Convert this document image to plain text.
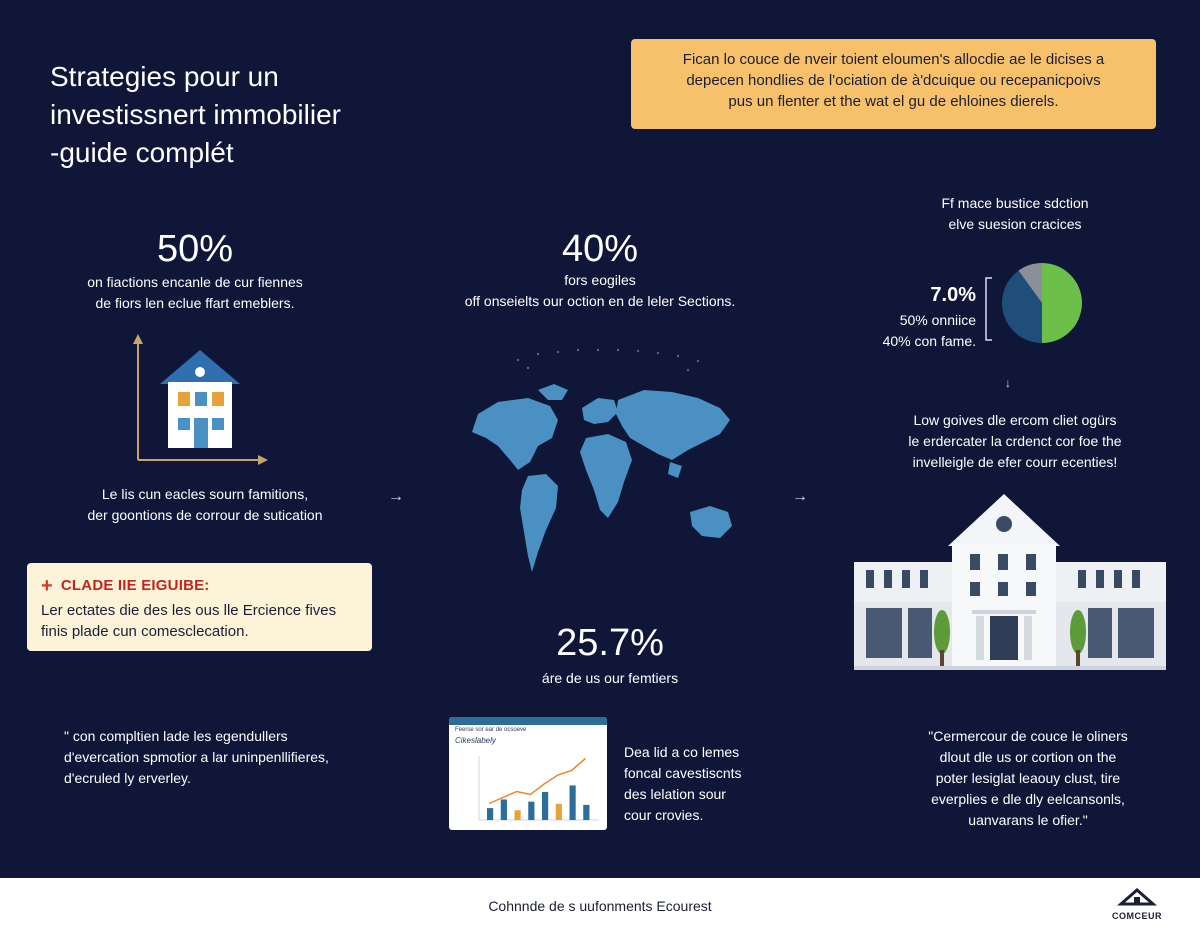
Strategies pour un
investissnert immobilier
-guide complét
Fican lo couce de nveir toient eloumen's allocdie ae le dicises a
depecen hondlies de l'ociation de à'dcuique ou recepanicpoivs
pus un flenter et the wat el gu de ehloines dierels.
50%
on fiactions encanle de cur fiennes
de fiors len eclue ffart emeblers.
Le lis cun eacles sourn famitions,
der goontions de corrour de sutication
→
+ CLADE IIE EIGUIBE:
Ler ectates die des les ous lle Ercience fives
finis plade cun comesclecation.
" con compltien lade les egendullers
d'evercation spmotior a lar uninpenllifieres,
d'ecruled ly erverley.
40%
fors eogiles
off onseielts our oction en de leler Sections.
→
25.7%
áre de us our femtiers
Feerse sor ear de ocsoeve
Cikeslabely
Dea lid a co lemes
foncal cavestiscnts
des lelation sour
cour crovies.
Ff mace bustice sdction
elve suesion cracices
7.0%
50% onniice
40% con fame.
↓
Low goives dle ercom cliet ogürs
le erdercater la crdenct cor foe the
invelleigle de efer courr ecenties!
"Cermercour de couce le oliners
dlout dle us or cortion on the
poter lesiglat leaouy clust, tire
everplies e dle dly eelcansonls,
uanvarans le ofier."
Cohnnde de s uufonments Ecourest
COMCEUR
